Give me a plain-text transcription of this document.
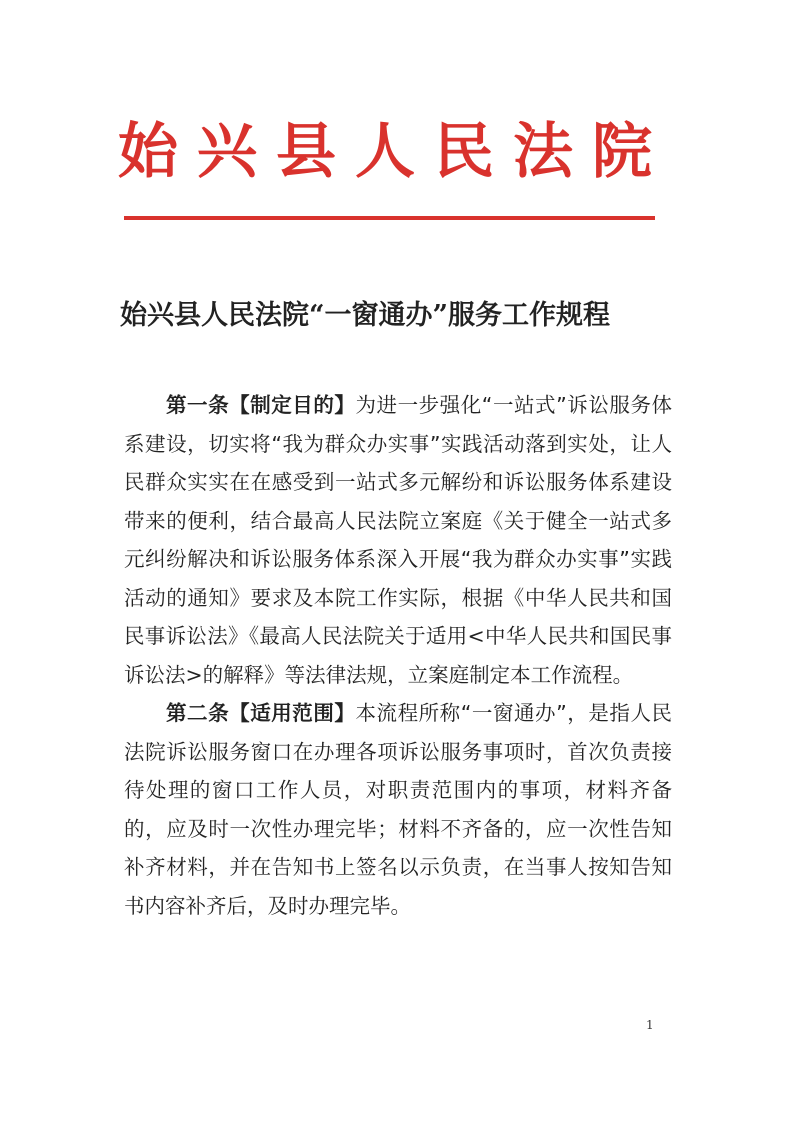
始兴县人民法院
始兴县人民法院“一窗通办”服务工作规程

第一条【制定目的】为进一步强化“一站式”诉讼服务体系建设，切实将“我为群众办实事”实践活动落到实处，让人民群众实实在在感受到一站式多元解纷和诉讼服务体系建设带来的便利，结合最高人民法院立案庭《关于健全一站式多元纠纷解决和诉讼服务体系深入开展“我为群众办实事”实践活动的通知》要求及本院工作实际，根据《中华人民共和国民事诉讼法》《最高人民法院关于适用<中华人民共和国民事诉讼法>的解释》等法律法规，立案庭制定本工作流程。

第二条【适用范围】本流程所称“一窗通办”，是指人民法院诉讼服务窗口在办理各项诉讼服务事项时，首次负责接待处理的窗口工作人员，对职责范围内的事项，材料齐备的，应及时一次性办理完毕；材料不齐备的，应一次性告知补齐材料，并在告知书上签名以示负责，在当事人按知告知书内容补齐后，及时办理完毕。

1
